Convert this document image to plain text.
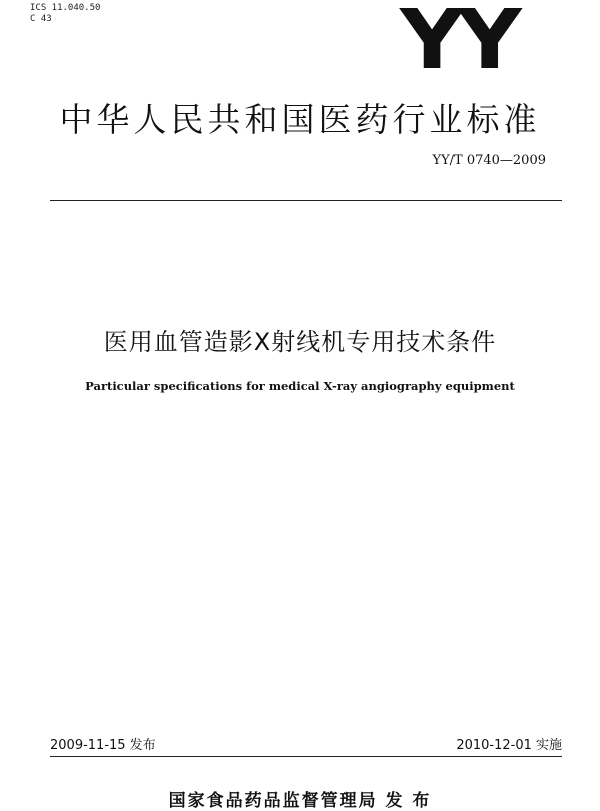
ICS 11.040.50
C 43	YY
中华人民共和国医药行业标准
YY/T 0740—2009
医用血管造影X射线机专用技术条件
Particular specifications for medical X-ray angiography equipment
2009-11-15 发布	2010-12-01 实施
国家食品药品监督管理局 发 布
